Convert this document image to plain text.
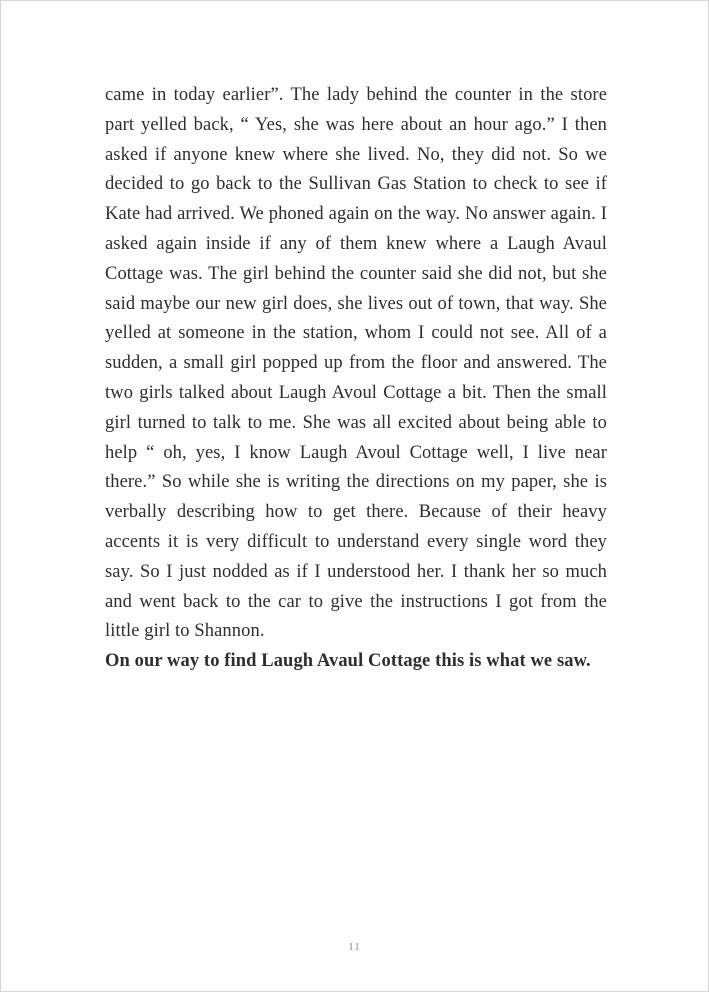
came in today earlier”. The lady behind the counter in the store part yelled back, “ Yes, she was here about an hour ago.” I then asked if anyone knew where she lived. No, they did not. So we decided to go back to the Sullivan Gas Station to check to see if Kate had arrived. We phoned again on the way. No answer again. I asked again inside if any of them knew where a Laugh Avaul Cottage was. The girl behind the counter said she did not, but she said maybe our new girl does, she lives out of town, that way. She yelled at someone in the station, whom I could not see. All of a sudden, a small girl popped up from the floor and answered. The two girls talked about Laugh Avoul Cottage a bit. Then the small girl turned to talk to me. She was all excited about being able to help “ oh, yes, I know Laugh Avoul Cottage well, I live near there.” So while she is writing the directions on my paper, she is verbally describing how to get there. Because of their heavy accents it is very difficult to understand every single word they say. So I just nodded as if I understood her. I thank her so much and went back to the car to give the instructions I got from the little girl to Shannon.

On our way to find Laugh Avaul Cottage this is what we saw.

11
